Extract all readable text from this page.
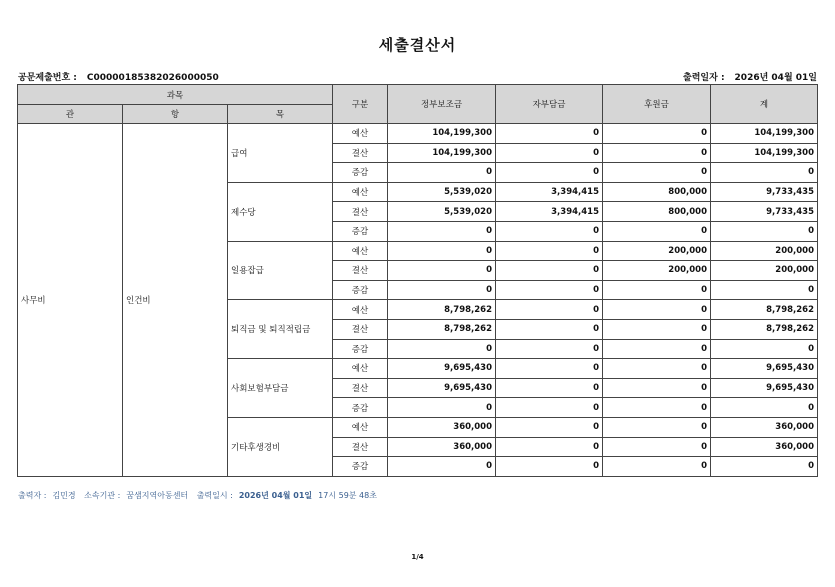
세출결산서
공문제출번호 : C00000185382026000050	출력일자 : 2026년 04월 01일
과목			구분	정부보조금	자부담금	후원금	계
관	항	목					
사무비	인건비	급여	예산	104,199,300	0	0	104,199,300
			결산	104,199,300	0	0	104,199,300
			증감	0	0	0	0
		제수당	예산	5,539,020	3,394,415	800,000	9,733,435
			결산	5,539,020	3,394,415	800,000	9,733,435
			증감	0	0	0	0
		일용잡급	예산	0	0	200,000	200,000
			결산	0	0	200,000	200,000
			증감	0	0	0	0
		퇴직금 및 퇴직적립금	예산	8,798,262	0	0	8,798,262
			결산	8,798,262	0	0	8,798,262
			증감	0	0	0	0
		사회보험부담금	예산	9,695,430	0	0	9,695,430
			결산	9,695,430	0	0	9,695,430
			증감	0	0	0	0
		기타후생경비	예산	360,000	0	0	360,000
			결산	360,000	0	0	360,000
			증감	0	0	0	0
출력자 : 김민경 소속기관 : 꿈샘지역아동센터 출력일시 : 2026년 04월 01일 17시 59분 48초
1/4
